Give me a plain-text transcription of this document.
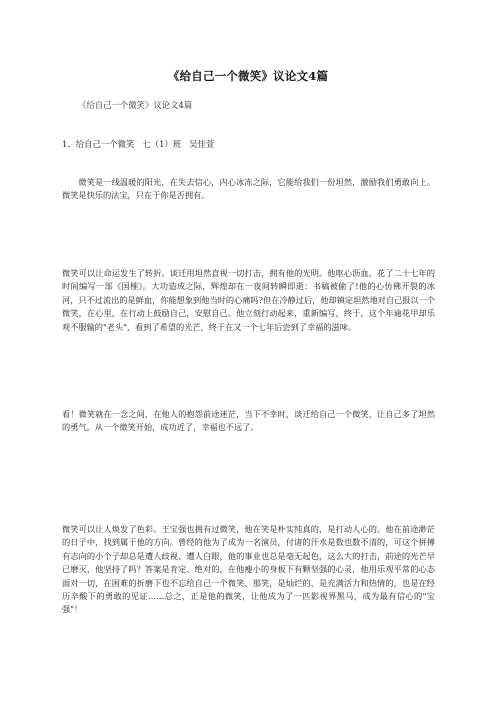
《给自己一个微笑》议论文4篇
《给自己一个微笑》议论文4篇
1、给自己一个微笑   七（1）班   吴佳萱

微笑是一线温暖的阳光，在失去信心，内心冰冻之际，它能给我们一份坦然，激励我们勇敢向上。微笑是快乐的法宝，只在于你是否拥有。

微笑可以让命运发生了转折。谈迁用坦然直视一切打击，拥有他的光明。他呕心沥血，花了二十七年的时间编写一部《国榷》。大功造成之际，辉煌却在一夜间转瞬即逝：书稿被偷了!他的心仿佛开裂的冰河，只不过流出的是鲜血，你能想象到他当时的心痛吗?但在冷静过后，他却镇定坦然地对自己报以一个微笑，在心里，在行动上鼓励自己，安慰自己。他立刻行动起来，重新编写，终于，这个年逾花甲却乐观不服输的"老头"，看到了希望的光芒，终于在又一个七年后尝到了幸福的滋味。

看！微笑就在一念之间，在他人的抱怨前途迷茫，当下不幸时，谈迁给自己一个微笑，让自己多了坦然的勇气。从一个微笑开始，成功近了，幸福也不远了。

微笑可以让人焕发了色彩。王宝强也拥有过微笑，他在笑是朴实纯真的，是打动人心的。他在前途渺茫的日子中，找到属于他的方向。曾经的他为了成为一名演员，付诸的汗水是数也数不清的，可这个拼搏有志向的小个子却总是遭人歧视、遭人白眼，他的事业也总是毫无起色，这么大的打击，前途的光芒早已磨灭，他坚持了吗？答案是肯定、绝对的，在他瘦小的身板下有颗坚强的心灵，他用乐观平常的心态面对一切，在困难的折磨下也不忘给自己一个微笑、那笑，是灿烂的，是充满活力和热情的，也是在经历辛酸下的勇敢的见证……总之，正是他的微笑，让他成为了一匹影视界黑马，成为最有信心的"宝强"！
